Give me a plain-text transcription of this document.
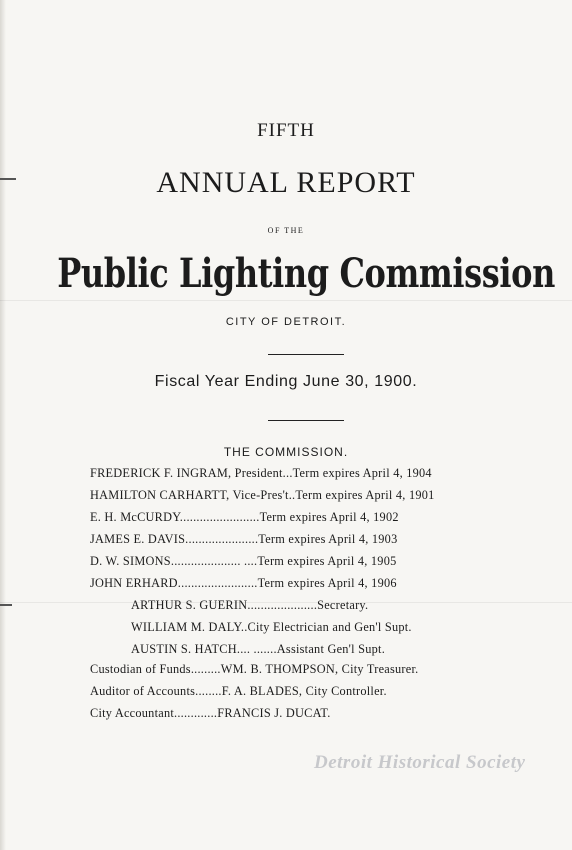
FIFTH
ANNUAL REPORT
OF THE
Public Lighting Commission
CITY OF DETROIT.
Fiscal Year Ending June 30, 1900.
THE COMMISSION.
FREDERICK F. INGRAM, President...Term expires April 4, 1904
HAMILTON CARHARTT, Vice-Pres't..Term expires April 4, 1901
E. H. McCURDY........................Term expires April 4, 1902
JAMES E. DAVIS......................Term expires April 4, 1903
D. W. SIMONS..................... ....Term expires April 4, 1905
JOHN ERHARD........................Term expires April 4, 1906
ARTHUR S. GUERIN.....................Secretary.
WILLIAM M. DALY..City Electrician and Gen'l Supt.
AUSTIN S. HATCH.... .......Assistant Gen'l Supt.
Custodian of Funds.........WM. B. THOMPSON, City Treasurer.
Auditor of Accounts........F. A. BLADES, City Controller.
City Accountant.............FRANCIS J. DUCAT.
Detroit Historical Society
